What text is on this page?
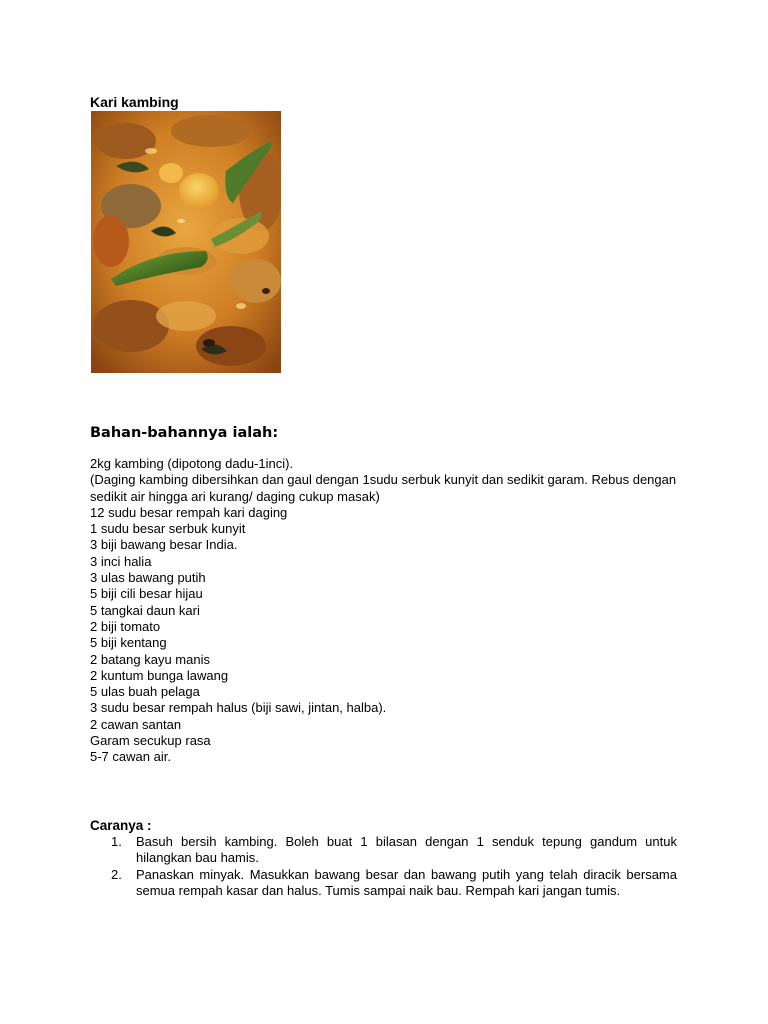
Kari kambing
Bahan-bahannya ialah:
2kg kambing (dipotong dadu-1inci).
(Daging kambing dibersihkan dan gaul dengan 1sudu serbuk kunyit dan sedikit garam. Rebus dengan sedikit air hingga ari kurang/ daging cukup masak)
12 sudu besar rempah kari daging
1 sudu besar serbuk kunyit
3 biji bawang besar India.
3 inci halia
3 ulas bawang putih
5 biji cili besar hijau
5 tangkai daun kari
2 biji tomato
5 biji kentang
2 batang kayu manis
2 kuntum bunga lawang
5 ulas buah pelaga
3 sudu besar rempah halus (biji sawi, jintan, halba).
2 cawan santan
Garam secukup rasa
5-7 cawan air.
Caranya :
1. Basuh bersih kambing. Boleh buat 1 bilasan dengan 1 senduk tepung gandum untuk hilangkan bau hamis.
2. Panaskan minyak. Masukkan bawang besar dan bawang putih yang telah diracik bersama semua rempah kasar dan halus. Tumis sampai naik bau. Rempah kari jangan tumis.
